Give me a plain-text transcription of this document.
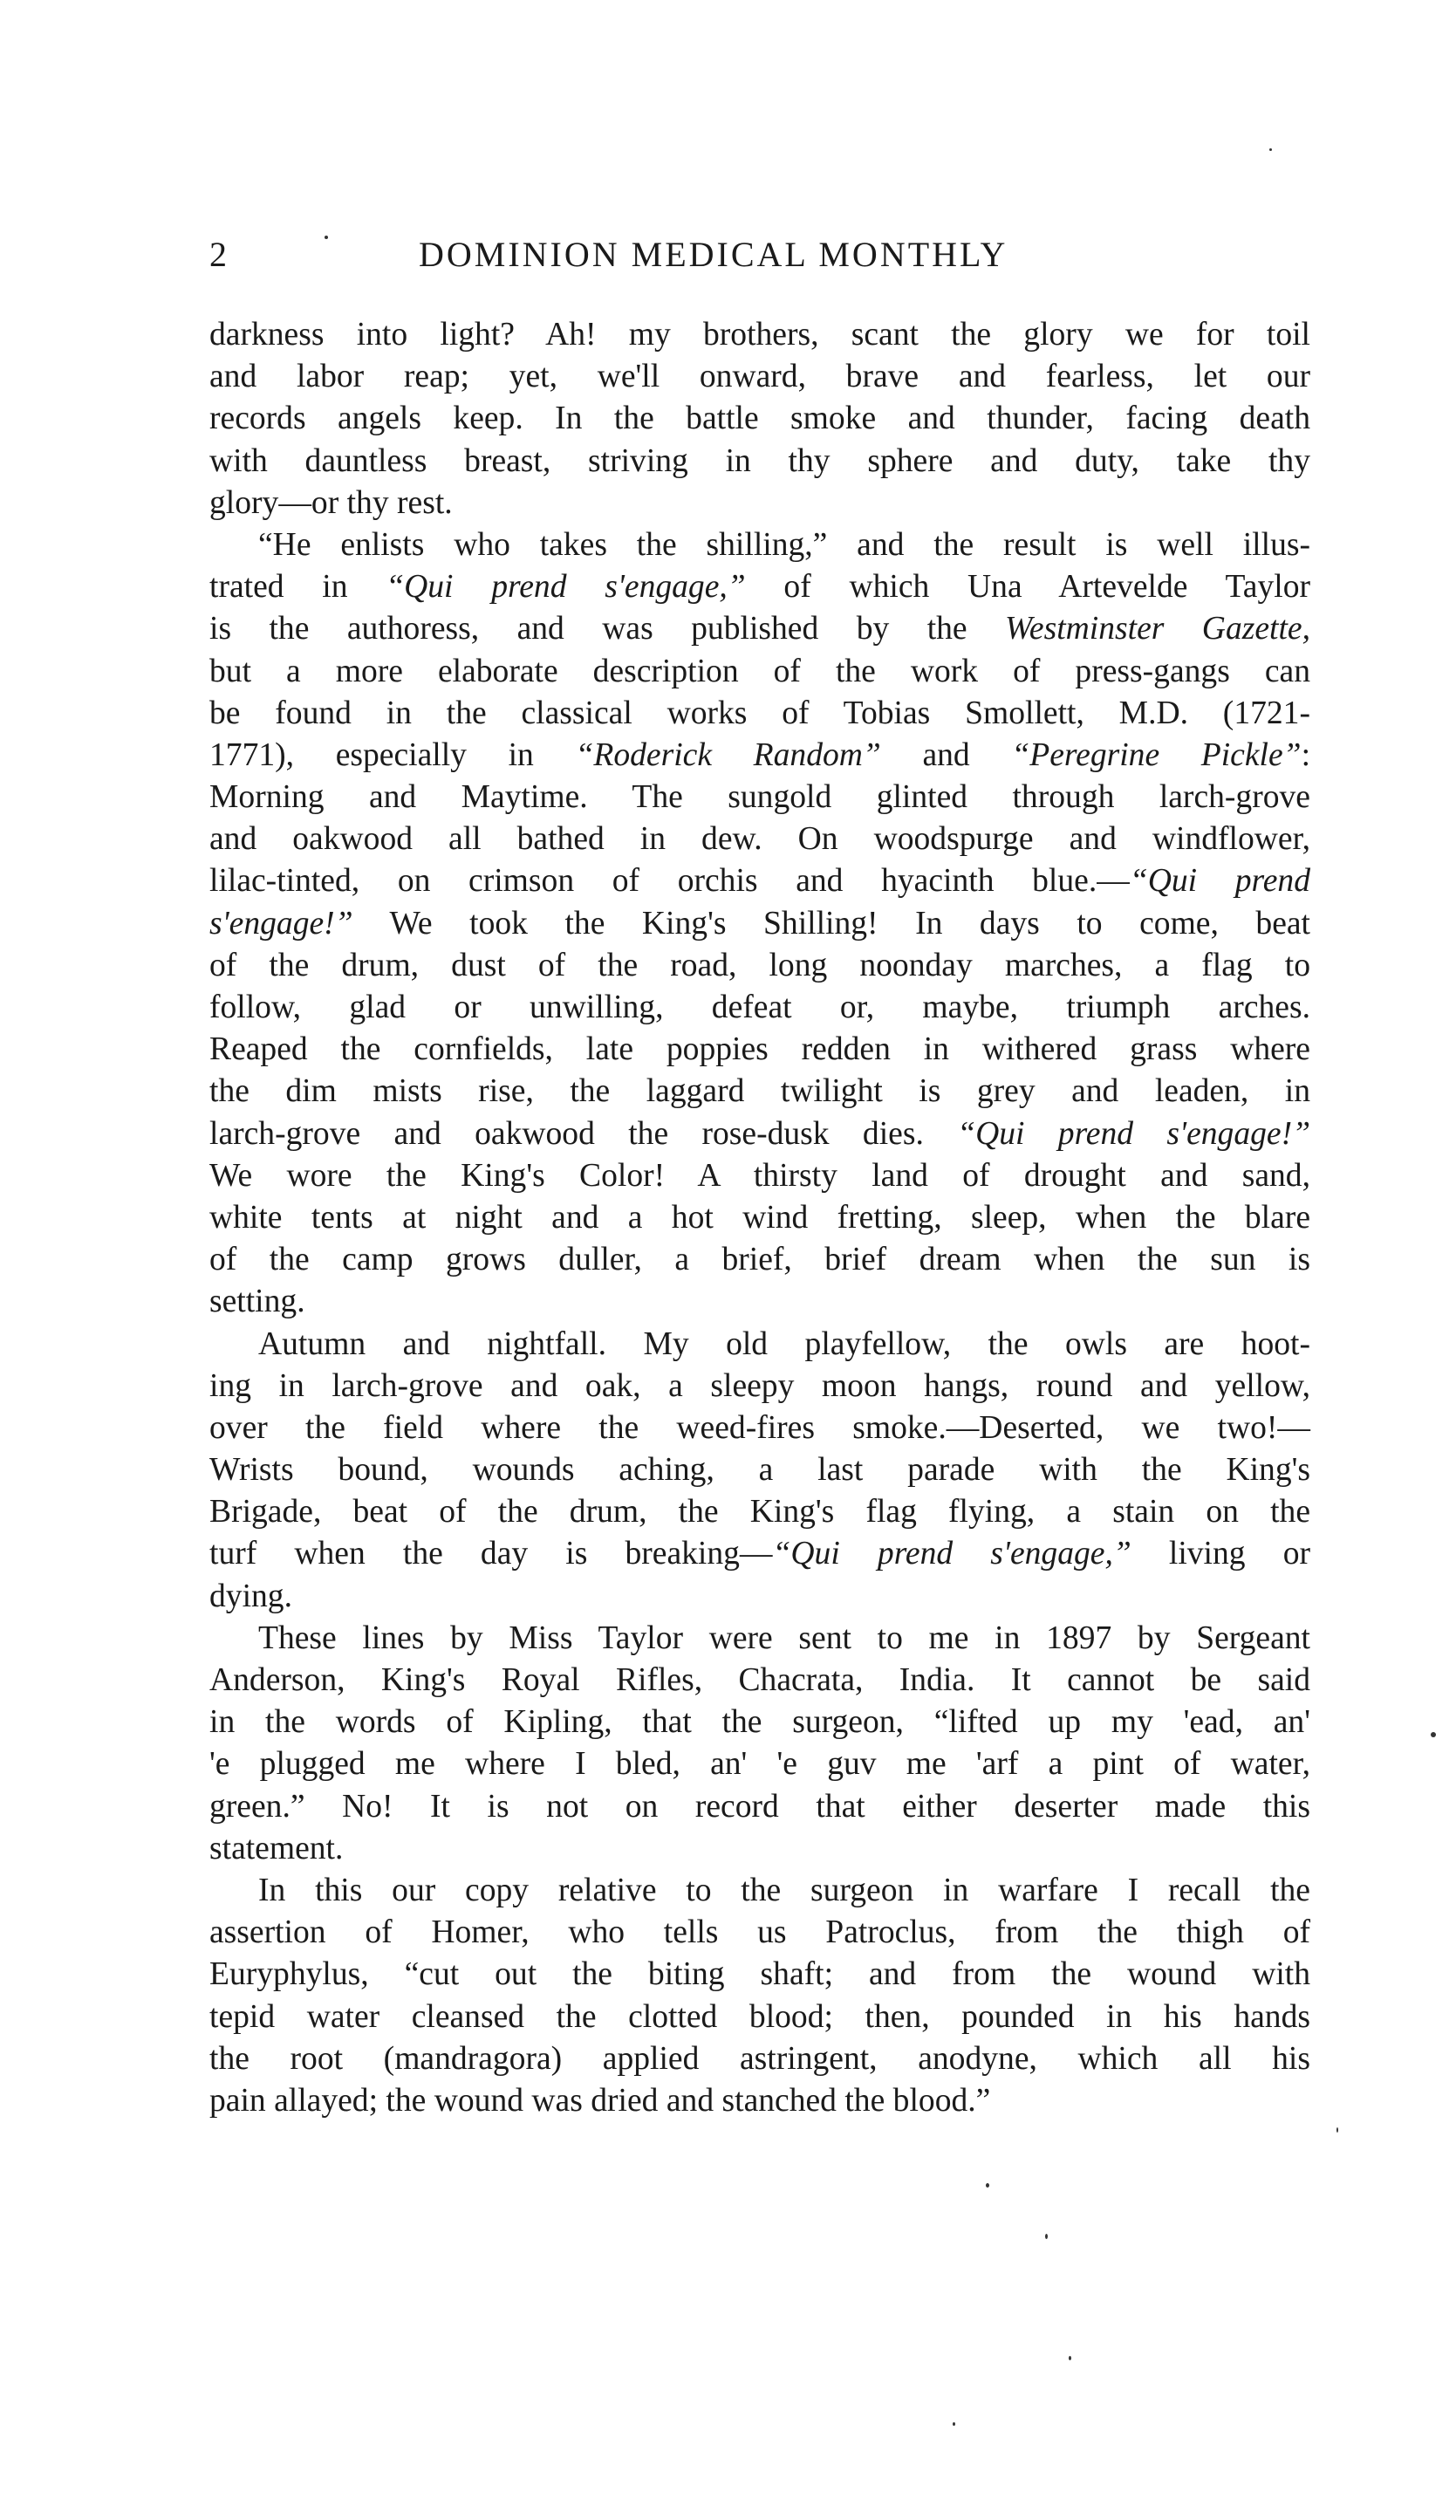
2	DOMINION MEDICAL MONTHLY
darkness into light? Ah! my brothers, scant the glory we for toil
and labor reap; yet, we'll onward, brave and fearless, let our
records angels keep. In the battle smoke and thunder, facing death
with dauntless breast, striving in thy sphere and duty, take thy
glory—or thy rest.
“He enlists who takes the shilling,” and the result is well illus-
trated in “Qui prend s'engage,” of which Una Artevelde Taylor
is the authoress, and was published by the Westminster Gazette,
but a more elaborate description of the work of press-gangs can
be found in the classical works of Tobias Smollett, M.D. (1721-
1771), especially in “Roderick Random” and “Peregrine Pickle”:
Morning and Maytime. The sungold glinted through larch-grove
and oakwood all bathed in dew. On woodspurge and windflower,
lilac-tinted, on crimson of orchis and hyacinth blue.—“Qui prend
s'engage!” We took the King's Shilling! In days to come, beat
of the drum, dust of the road, long noonday marches, a flag to
follow, glad or unwilling, defeat or, maybe, triumph arches.
Reaped the cornfields, late poppies redden in withered grass where
the dim mists rise, the laggard twilight is grey and leaden, in
larch-grove and oakwood the rose-dusk dies. “Qui prend s'engage!”
We wore the King's Color! A thirsty land of drought and sand,
white tents at night and a hot wind fretting, sleep, when the blare
of the camp grows duller, a brief, brief dream when the sun is
setting.
Autumn and nightfall. My old playfellow, the owls are hoot-
ing in larch-grove and oak, a sleepy moon hangs, round and yellow,
over the field where the weed-fires smoke.—Deserted, we two!—
Wrists bound, wounds aching, a last parade with the King's
Brigade, beat of the drum, the King's flag flying, a stain on the
turf when the day is breaking—“Qui prend s'engage,” living or
dying.
These lines by Miss Taylor were sent to me in 1897 by Sergeant
Anderson, King's Royal Rifles, Chacrata, India. It cannot be said
in the words of Kipling, that the surgeon, “lifted up my 'ead, an'
'e plugged me where I bled, an' 'e guv me 'arf a pint of water,
green.” No! It is not on record that either deserter made this
statement.
In this our copy relative to the surgeon in warfare I recall the
assertion of Homer, who tells us Patroclus, from the thigh of
Euryphylus, “cut out the biting shaft; and from the wound with
tepid water cleansed the clotted blood; then, pounded in his hands
the root (mandragora) applied astringent, anodyne, which all his
pain allayed; the wound was dried and stanched the blood.”
